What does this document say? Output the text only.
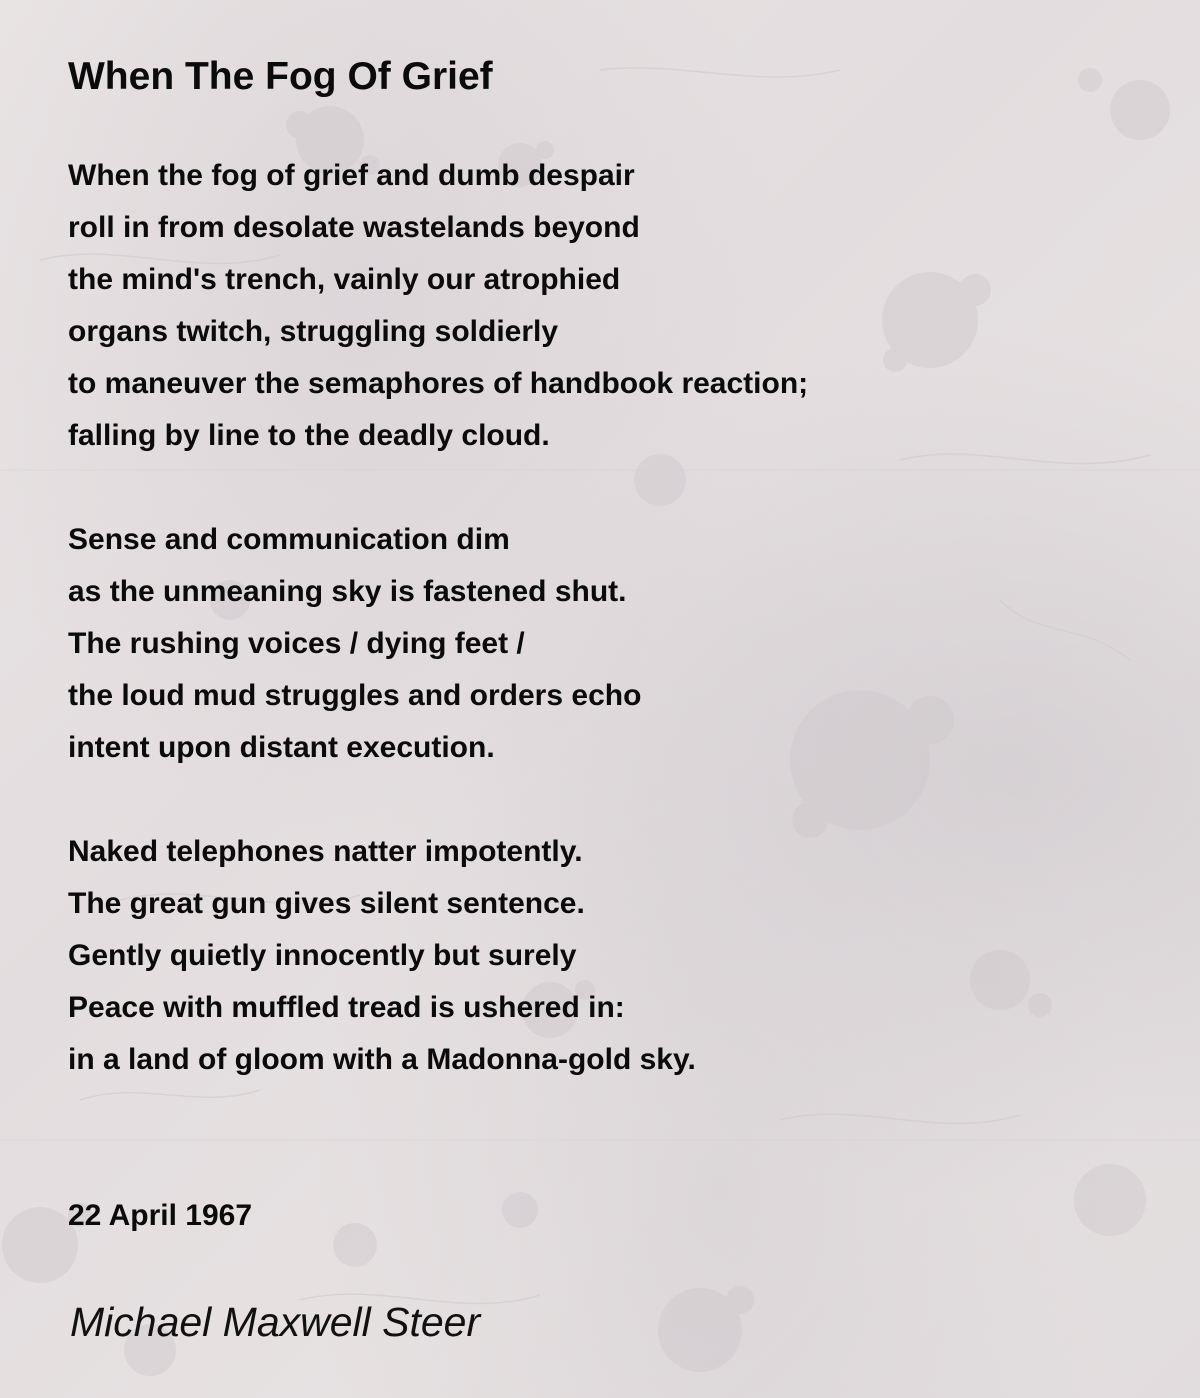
When The Fog Of Grief
When the fog of grief and dumb despair
roll in from desolate wastelands beyond
the mind's trench, vainly our atrophied
organs twitch, struggling soldierly
to maneuver the semaphores of handbook reaction;
falling by line to the deadly cloud.
Sense and communication dim
as the unmeaning sky is fastened shut.
The rushing voices / dying feet /
the loud mud struggles and orders echo
intent upon distant execution.
Naked telephones natter impotently.
The great gun gives silent sentence.
Gently quietly innocently but surely
Peace with muffled tread is ushered in:
in a land of gloom with a Madonna-gold sky.
22 April 1967
Michael Maxwell Steer
